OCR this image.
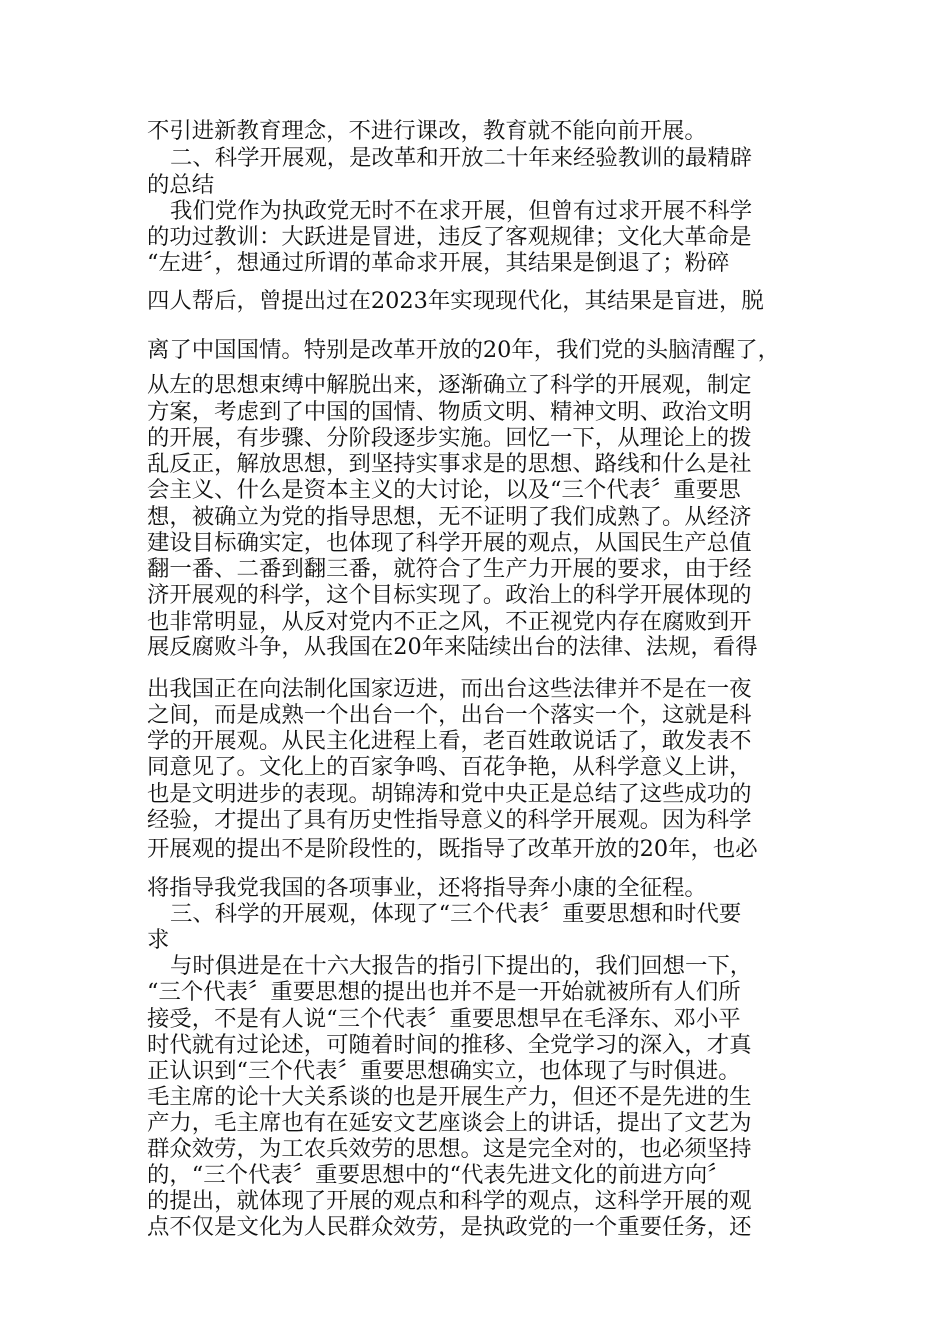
不引进新教育理念，不进行课改，教育就不能向前开展。
二、科学开展观，是改革和开放二十年来经验教训的最精辟
的总结
我们党作为执政党无时不在求开展，但曾有过求开展不科学
的功过教训：大跃进是冒进，违反了客观规律；文化大革命是
“左进〞，想通过所谓的革命求开展，其结果是倒退了；粉碎
四人帮后，曾提出过在2023年实现现代化，其结果是盲进，脱
离了中国国情。特别是改革开放的20年，我们党的头脑清醒了，
从左的思想束缚中解脱出来，逐渐确立了科学的开展观，制定
方案，考虑到了中国的国情、物质文明、精神文明、政治文明
的开展，有步骤、分阶段逐步实施。回忆一下，从理论上的拨
乱反正，解放思想，到坚持实事求是的思想、路线和什么是社
会主义、什么是资本主义的大讨论，以及“三个代表〞重要思
想，被确立为党的指导思想，无不证明了我们成熟了。从经济
建设目标确实定，也体现了科学开展的观点，从国民生产总值
翻一番、二番到翻三番，就符合了生产力开展的要求，由于经
济开展观的科学，这个目标实现了。政治上的科学开展体现的
也非常明显，从反对党内不正之风，不正视党内存在腐败到开
展反腐败斗争，从我国在20年来陆续出台的法律、法规，看得
出我国正在向法制化国家迈进，而出台这些法律并不是在一夜
之间，而是成熟一个出台一个，出台一个落实一个，这就是科
学的开展观。从民主化进程上看，老百姓敢说话了，敢发表不
同意见了。文化上的百家争鸣、百花争艳，从科学意义上讲，
也是文明进步的表现。胡锦涛和党中央正是总结了这些成功的
经验，才提出了具有历史性指导意义的科学开展观。因为科学
开展观的提出不是阶段性的，既指导了改革开放的20年，也必
将指导我党我国的各项事业，还将指导奔小康的全征程。
三、科学的开展观，体现了“三个代表〞重要思想和时代要
求
与时俱进是在十六大报告的指引下提出的，我们回想一下，
“三个代表〞重要思想的提出也并不是一开始就被所有人们所
接受，不是有人说“三个代表〞重要思想早在毛泽东、邓小平
时代就有过论述，可随着时间的推移、全党学习的深入，才真
正认识到“三个代表〞重要思想确实立，也体现了与时俱进。
毛主席的论十大关系谈的也是开展生产力，但还不是先进的生
产力，毛主席也有在延安文艺座谈会上的讲话，提出了文艺为
群众效劳，为工农兵效劳的思想。这是完全对的，也必须坚持
的，“三个代表〞重要思想中的“代表先进文化的前进方向〞
的提出，就体现了开展的观点和科学的观点，这科学开展的观
点不仅是文化为人民群众效劳，是执政党的一个重要任务，还
